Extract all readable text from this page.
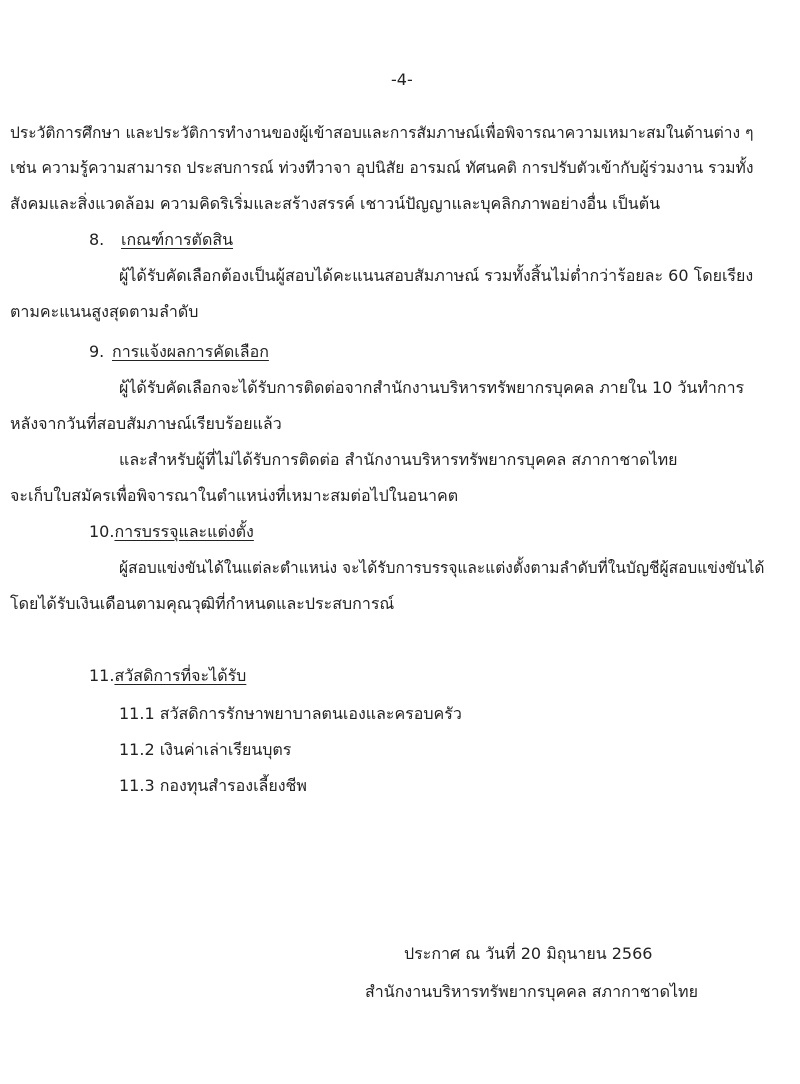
-4-
ประวัติการศึกษา และประวัติการทำงานของผู้เข้าสอบและการสัมภาษณ์เพื่อพิจารณาความเหมาะสมในด้านต่าง ๆ
เช่น ความรู้ความสามารถ ประสบการณ์ ท่วงทีวาจา อุปนิสัย อารมณ์ ทัศนคติ การปรับตัวเข้ากับผู้ร่วมงาน รวมทั้ง
สังคมและสิ่งแวดล้อม ความคิดริเริ่มและสร้างสรรค์ เชาวน์ปัญญาและบุคลิกภาพอย่างอื่น เป็นต้น
8. เกณฑ์การตัดสิน
ผู้ได้รับคัดเลือกต้องเป็นผู้สอบได้คะแนนสอบสัมภาษณ์ รวมทั้งสิ้นไม่ต่ำกว่าร้อยละ 60 โดยเรียง
ตามคะแนนสูงสุดตามลำดับ
9. การแจ้งผลการคัดเลือก
ผู้ได้รับคัดเลือกจะได้รับการติดต่อจากสำนักงานบริหารทรัพยากรบุคคล ภายใน 10 วันทำการ
หลังจากวันที่สอบสัมภาษณ์เรียบร้อยแล้ว
และสำหรับผู้ที่ไม่ได้รับการติดต่อ สำนักงานบริหารทรัพยากรบุคคล สภากาชาดไทย
จะเก็บใบสมัครเพื่อพิจารณาในตำแหน่งที่เหมาะสมต่อไปในอนาคต
10.การบรรจุและแต่งตั้ง
ผู้สอบแข่งขันได้ในแต่ละตำแหน่ง จะได้รับการบรรจุและแต่งตั้งตามลำดับที่ในบัญชีผู้สอบแข่งขันได้
โดยได้รับเงินเดือนตามคุณวุฒิที่กำหนดและประสบการณ์
11.สวัสดิการที่จะได้รับ
11.1 สวัสดิการรักษาพยาบาลตนเองและครอบครัว
11.2 เงินค่าเล่าเรียนบุตร
11.3 กองทุนสำรองเลี้ยงชีพ
ประกาศ ณ วันที่ 20 มิถุนายน 2566
สำนักงานบริหารทรัพยากรบุคคล สภากาชาดไทย
